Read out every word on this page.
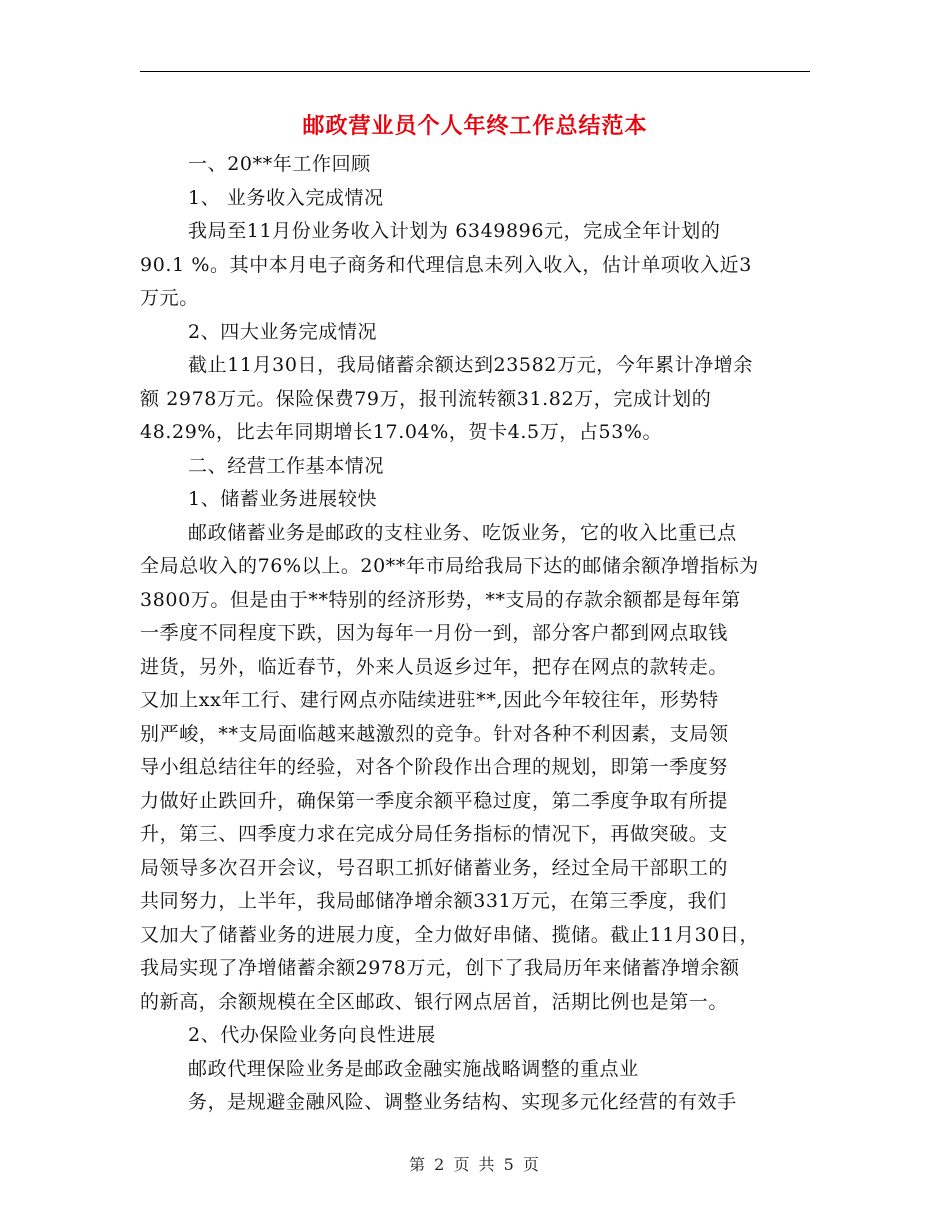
邮政营业员个人年终工作总结范本
一、20**年工作回顾
1、 业务收入完成情况
我局至11月份业务收入计划为 6349896元，完成全年计划的
90.1 %。其中本月电子商务和代理信息未列入收入，估计单项收入近3
万元。
2、四大业务完成情况
截止11月30日，我局储蓄余额达到23582万元，今年累计净增余
额 2978万元。保险保费79万，报刊流转额31.82万，完成计划的
48.29%，比去年同期增长17.04%，贺卡4.5万，占53%。
二、经营工作基本情况
1、储蓄业务进展较快
邮政储蓄业务是邮政的支柱业务、吃饭业务，它的收入比重已点
全局总收入的76%以上。20**年市局给我局下达的邮储余额净增指标为
3800万。但是由于**特别的经济形势，**支局的存款余额都是每年第
一季度不同程度下跌，因为每年一月份一到，部分客户都到网点取钱
进货，另外，临近春节，外来人员返乡过年，把存在网点的款转走。
又加上xx年工行、建行网点亦陆续进驻**,因此今年较往年，形势特
别严峻，**支局面临越来越激烈的竞争。针对各种不利因素，支局领
导小组总结往年的经验，对各个阶段作出合理的规划，即第一季度努
力做好止跌回升，确保第一季度余额平稳过度，第二季度争取有所提
升，第三、四季度力求在完成分局任务指标的情况下，再做突破。支
局领导多次召开会议，号召职工抓好储蓄业务，经过全局干部职工的
共同努力，上半年，我局邮储净增余额331万元，在第三季度，我们
又加大了储蓄业务的进展力度，全力做好串储、揽储。截止11月30日，
我局实现了净增储蓄余额2978万元，创下了我局历年来储蓄净增余额
的新高，余额规模在全区邮政、银行网点居首，活期比例也是第一。
2、代办保险业务向良性进展
邮政代理保险业务是邮政金融实施战略调整的重点业
务，是规避金融风险、调整业务结构、实现多元化经营的有效手
第 2 页 共 5 页
